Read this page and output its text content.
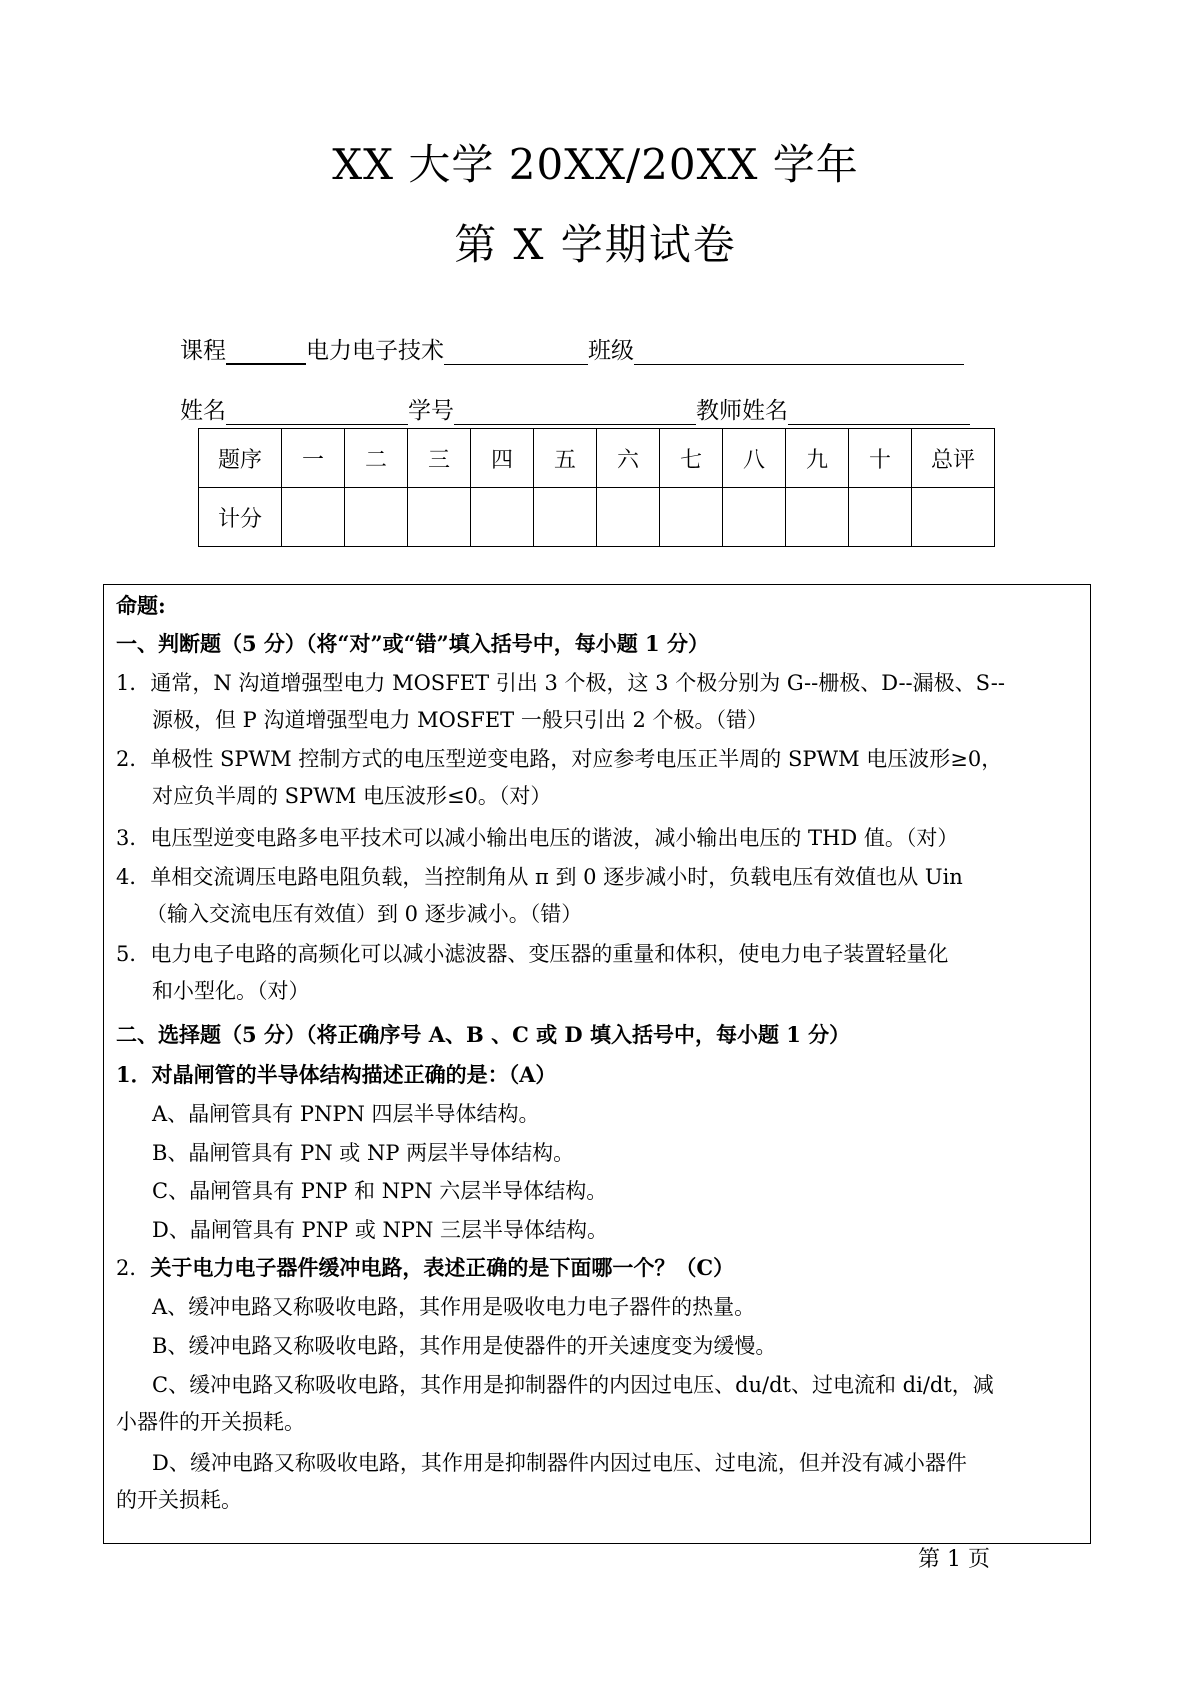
XX 大学 20XX/20XX 学年
第 X 学期试卷
课程	电力电子技术	班级
姓名	学号	教师姓名
题序	一	二	三	四	五	六	七	八	九	十	总评
计分											
命题:
一、判断题（5 分）（将“对”或“错”填入括号中，每小题 1 分）
1．通常，N 沟道增强型电力 MOSFET 引出 3 个极，这 3 个极分别为 G--栅极、D--漏极、S--
源极，但 P 沟道增强型电力 MOSFET 一般只引出 2 个极。（错）
2．单极性 SPWM 控制方式的电压型逆变电路，对应参考电压正半周的 SPWM 电压波形≥0，
对应负半周的 SPWM 电压波形≤0。（对）
3．电压型逆变电路多电平技术可以减小输出电压的谐波，减小输出电压的 THD 值。（对）
4．单相交流调压电路电阻负载，当控制角从 π 到 0 逐步减小时，负载电压有效值也从 Uin
（输入交流电压有效值）到 0 逐步减小。（错）
5．电力电子电路的高频化可以减小滤波器、变压器的重量和体积，使电力电子装置轻量化
和小型化。（对）
二、选择题（5 分）（将正确序号 A、B 、C 或 D 填入括号中，每小题 1 分）
1．对晶闸管的半导体结构描述正确的是：（A）
A、晶闸管具有 PNPN 四层半导体结构。
B、晶闸管具有 PN 或 NP 两层半导体结构。
C、晶闸管具有 PNP 和 NPN 六层半导体结构。
D、晶闸管具有 PNP 或 NPN 三层半导体结构。
2．关于电力电子器件缓冲电路，表述正确的是下面哪一个？（C）
A、缓冲电路又称吸收电路，其作用是吸收电力电子器件的热量。
B、缓冲电路又称吸收电路，其作用是使器件的开关速度变为缓慢。
C、缓冲电路又称吸收电路，其作用是抑制器件的内因过电压、du/dt、过电流和 di/dt，减
小器件的开关损耗。
D、缓冲电路又称吸收电路，其作用是抑制器件内因过电压、过电流，但并没有减小器件
的开关损耗。
第 1 页
